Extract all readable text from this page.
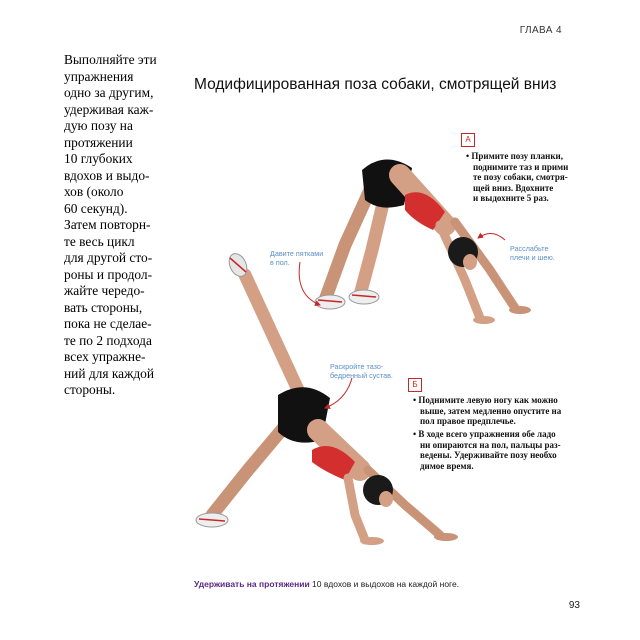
ГЛАВА 4
Выполняйте эти
упражнения
одно за другим,
удерживая каж-
дую позу на
протяжении
10 глубоких
вдохов и выдо-
хов (около
60 секунд).
Затем повторн-
те весь цикл
для другой сто-
роны и продол-
жайте чередо-
вать стороны,
пока не сделае-
те по 2 подхода
всех упражне-
ний для каждой
стороны.
Модифицированная поза собаки, смотрящей вниз
А
• Примите позу планки,
поднимите таз и прими
те позу собаки, смотря-
щей вниз. Вдохните
и выдохните 5 раз.
Давите пятками
в пол.
Расслабьте
плечи и шею.
Раскройте тазо-
бедренный сустав.
Б
• Поднимите левую ногу как можно
выше, затем медленно опустите на
пол правое предплечье.
• В ходе всего упражнения обе ладо
ни опираются на пол, пальцы раз-
ведены. Удерживайте позу необхо
димое время.
Удерживать на протяжении 10 вдохов и выдохов на каждой ноге.
93
